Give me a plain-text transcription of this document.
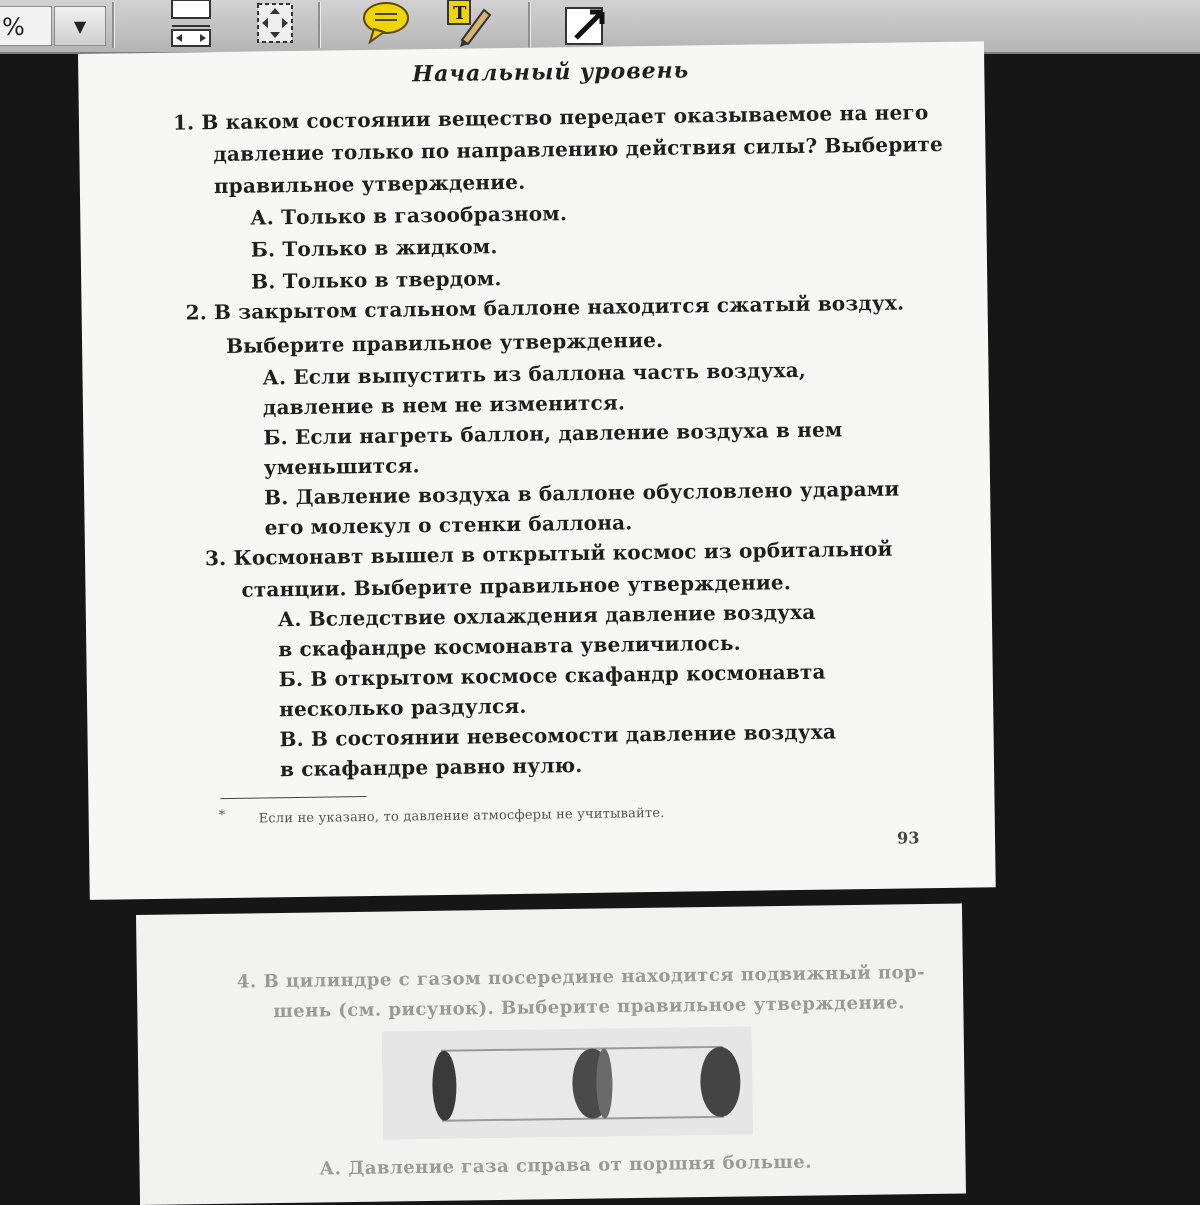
%	▼
T
Начальный уровень
1. В каком состоянии вещество передает оказываемое на него
давление только по направлению действия силы? Выберите
правильное утверждение.
А. Только в газообразном.
Б. Только в жидком.
В. Только в твердом.
2. В закрытом стальном баллоне находится сжатый воздух.
Выберите правильное утверждение.
А. Если выпустить из баллона часть воздуха,
давление в нем не изменится.
Б. Если нагреть баллон, давление воздуха в нем
уменьшится.
В. Давление воздуха в баллоне обусловлено ударами
его молекул о стенки баллона.
3. Космонавт вышел в открытый космос из орбитальной
станции. Выберите правильное утверждение.
А. Вследствие охлаждения давление воздуха
в скафандре космонавта увеличилось.
Б. В открытом космосе скафандр космонавта
несколько раздулся.
В. В состоянии невесомости давление воздуха
в скафандре равно нулю.
*	Если не указано, то давление атмосферы не учитывайте.
93
4. В цилиндре с газом посередине находится подвижный пор-
шень (см. рисунок). Выберите правильное утверждение.
А. Давление газа справа от поршня больше.
